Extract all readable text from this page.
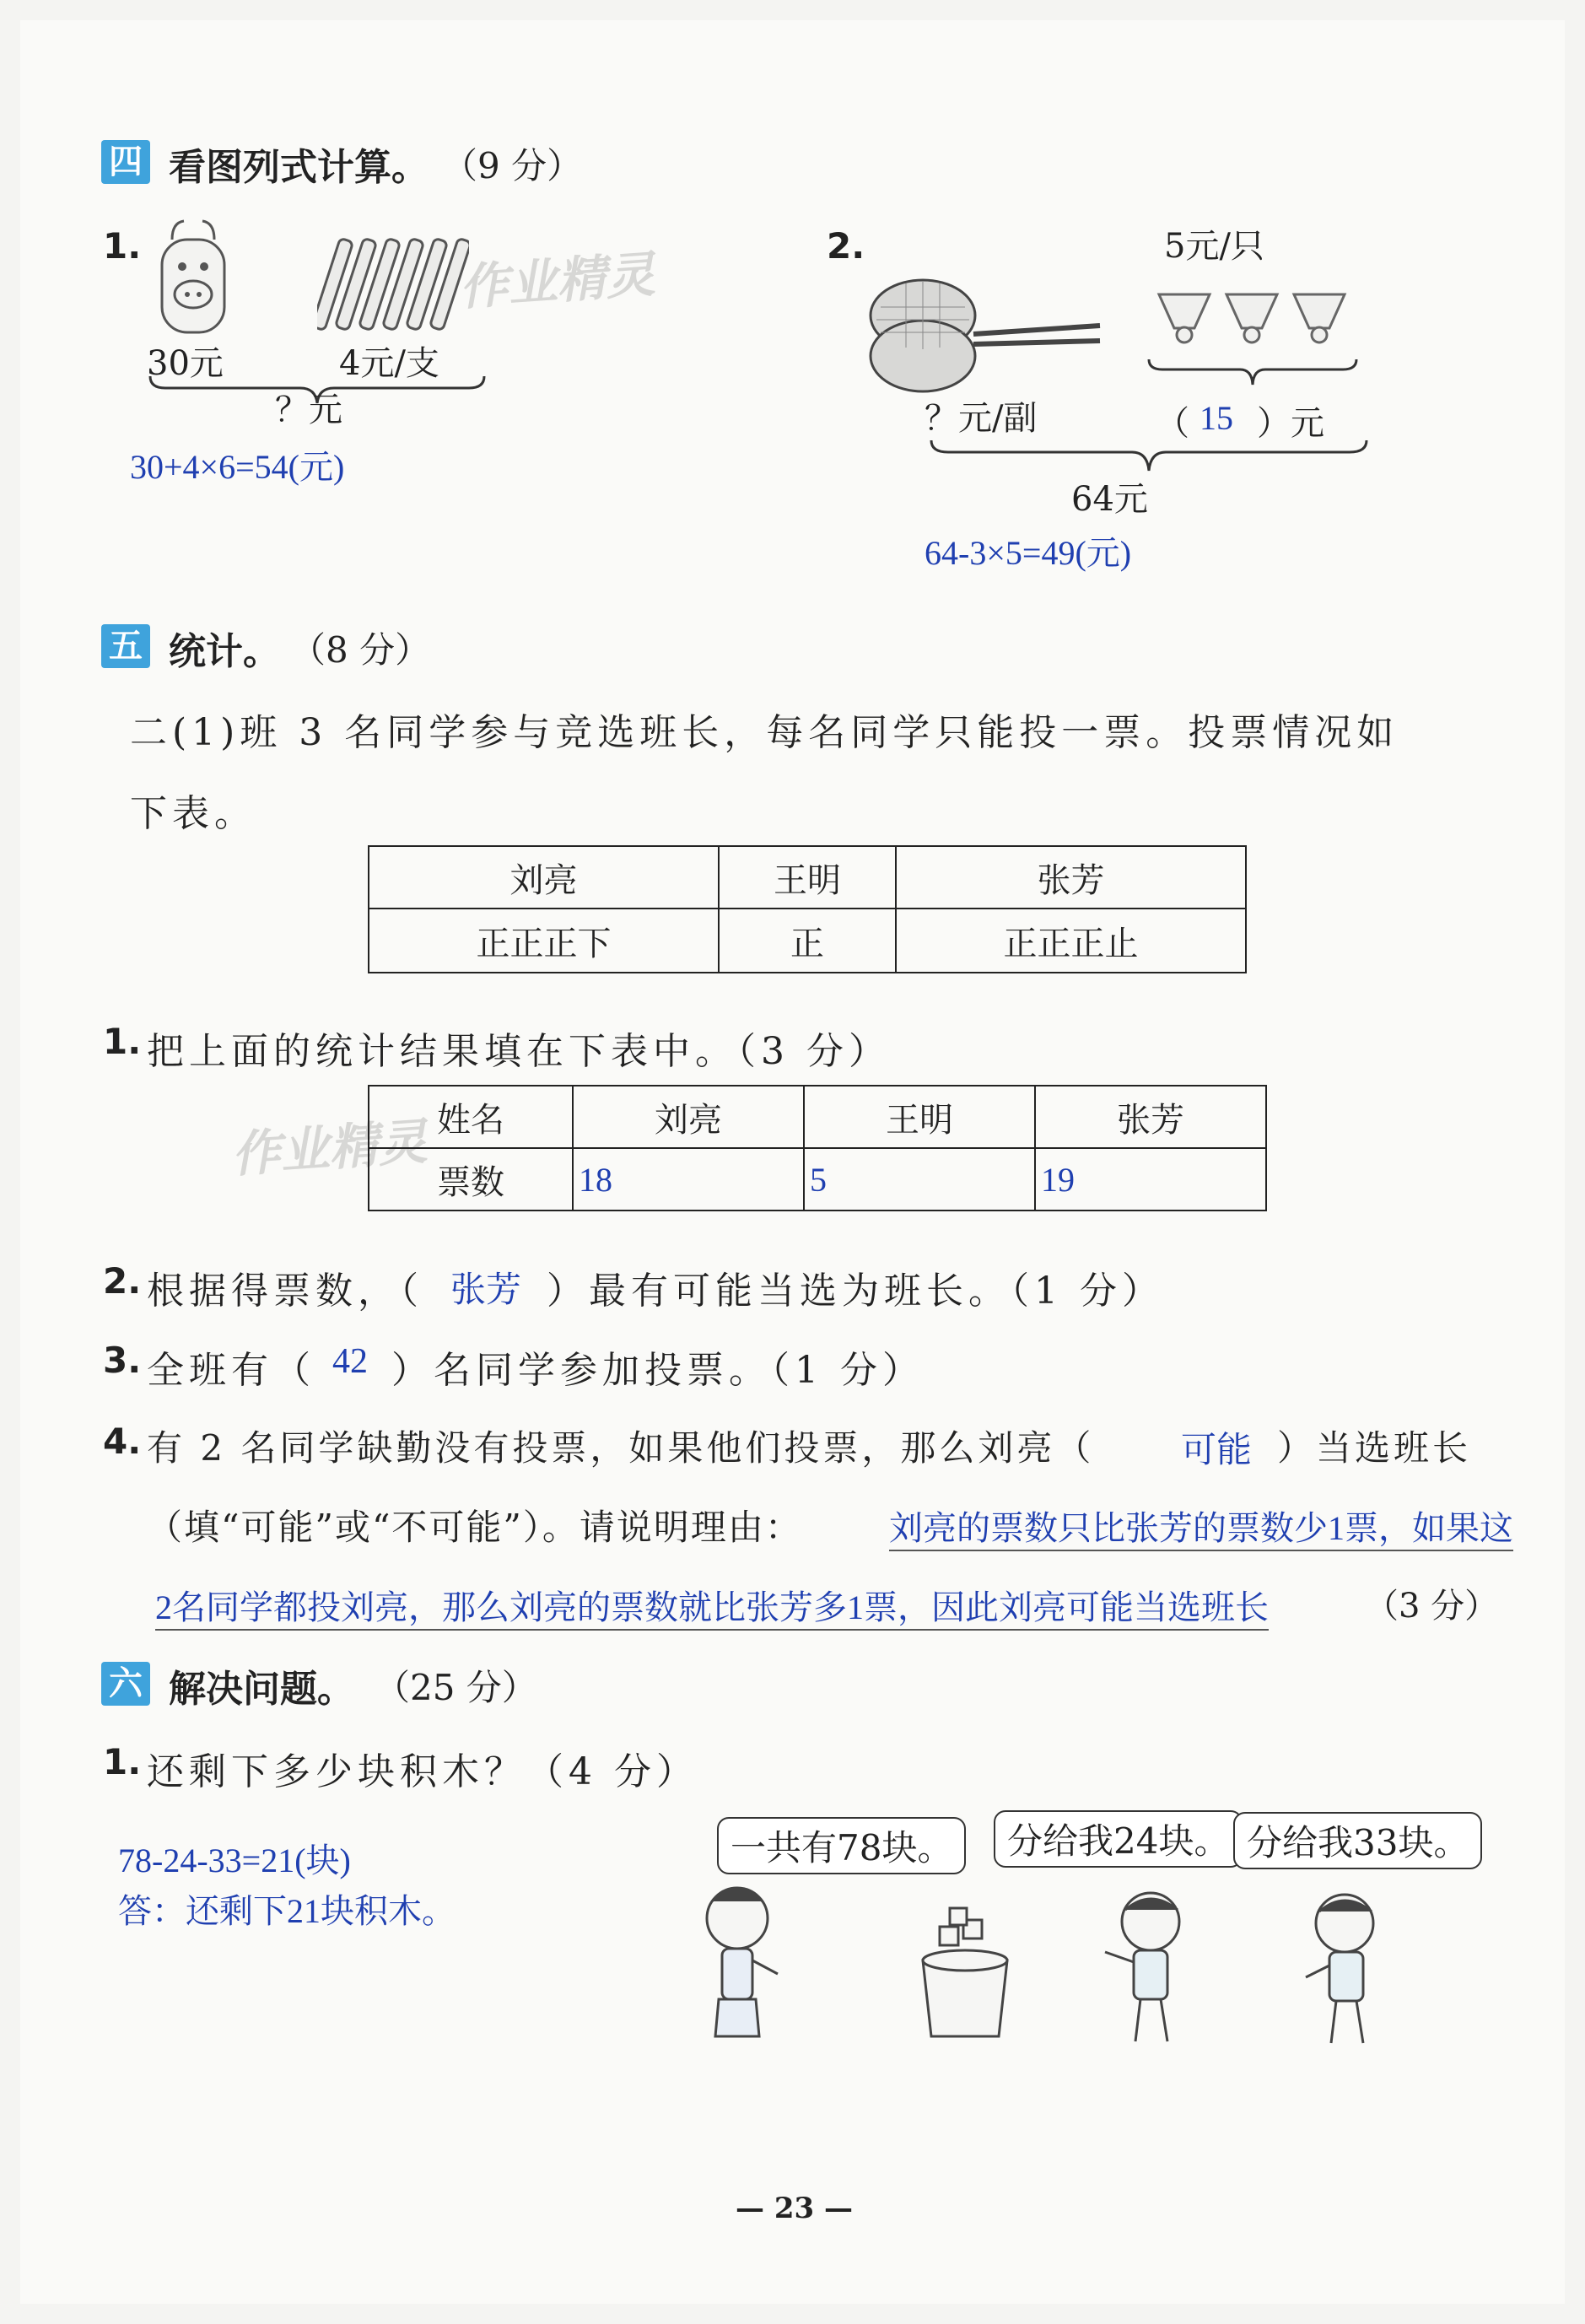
四 看图列式计算。 （9 分）
1.	作业精灵
30元	4元/支
？元
30+4×6=54(元)
2.	5元/只
？元/副	（ 15 ）元
64元
64-3×5=49(元)
五 统计。 （8 分）
二(1)班 3 名同学参与竞选班长，每名同学只能投一票。投票情况如
下表。
刘亮	王明	张芳
正正正下	正	正正正止
1. 把上面的统计结果填在下表中。（3 分）
作业精灵 姓名	刘亮	王明	张芳
票数	18	5	19
2. 根据得票数，（ 张芳 ）最有可能当选为班长。（1 分）
3. 全班有（ 42 ）名同学参加投票。（1 分）
4. 有 2 名同学缺勤没有投票，如果他们投票，那么刘亮（ 可能 ）当选班长
（填“可能”或“不可能”）。请说明理由：	刘亮的票数只比张芳的票数少1票，如果这
2名同学都投刘亮，那么刘亮的票数就比张芳多1票，因此刘亮可能当选班长	（3 分）
六 解决问题。 （25 分）
1. 还剩下多少块积木？（4 分）
78-24-33=21(块)
答：还剩下21块积木。
一共有78块。	分给我24块。 分给我33块。
— 23 —
